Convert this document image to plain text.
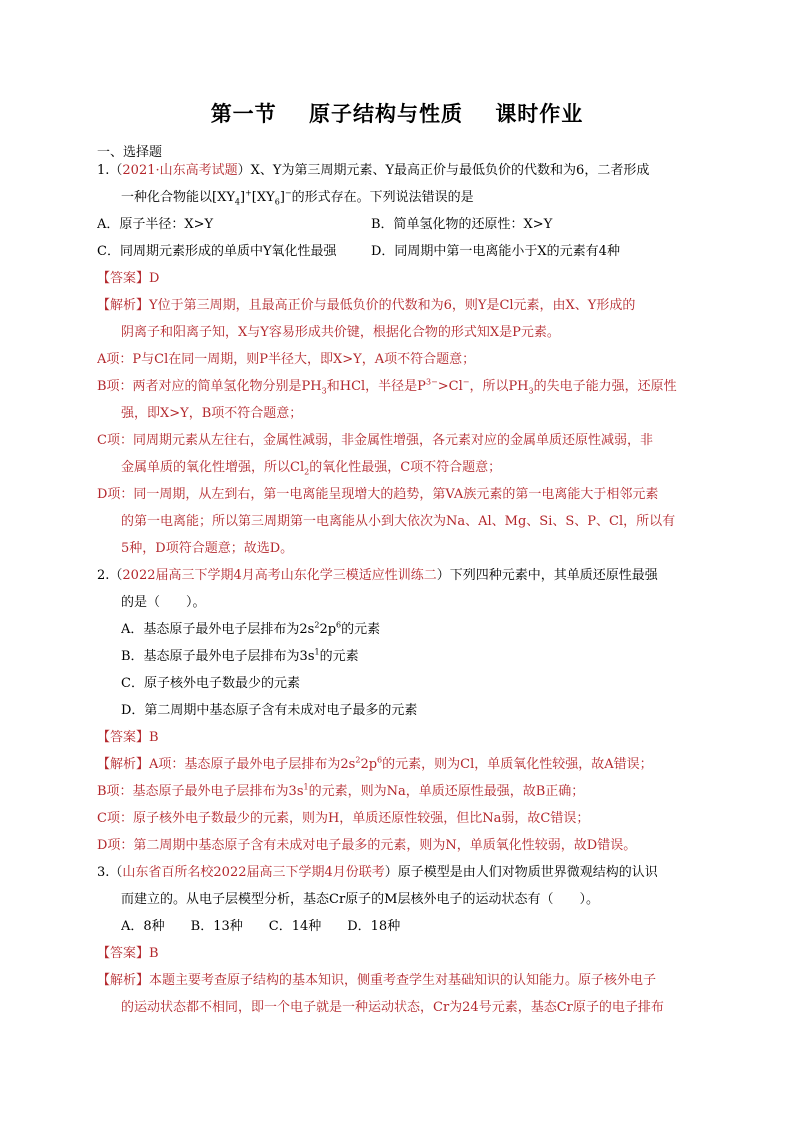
第一节 原子结构与性质 课时作业
一、选择题
1.（2021·山东高考试题）X、Y为第三周期元素、Y最高正价与最低负价的代数和为6，二者形成
一种化合物能以$[XY_4]^+[XY_6]^-$的形式存在。下列说法错误的是
A．原子半径：X>Y	B．简单氢化物的还原性：X>Y
C．同周期元素形成的单质中Y氧化性最强	D．同周期中第一电离能小于X的元素有4种
【答案】D
【解析】Y位于第三周期，且最高正价与最低负价的代数和为6，则Y是Cl元素，由X、Y形成的
阴离子和阳离子知，X与Y容易形成共价键，根据化合物的形式知X是P元素。
A项：P与Cl在同一周期，则P半径大，即X>Y，A项不符合题意；
B项：两者对应的简单氢化物分别是$PH_3$和HCl，半径是$P^{3-}>Cl^-$，所以$PH_3$的失电子能力强，还原性
强，即X>Y，B项不符合题意；
C项：同周期元素从左往右，金属性减弱，非金属性增强，各元素对应的金属单质还原性减弱，非
金属单质的氧化性增强，所以$Cl_2$的氧化性最强，C项不符合题意；
D项：同一周期，从左到右，第一电离能呈现增大的趋势，第VA族元素的第一电离能大于相邻元素
的第一电离能；所以第三周期第一电离能从小到大依次为Na、Al、Mg、Si、S、P、Cl，所以有
5种，D项符合题意；故选D。
2.（2022届高三下学期4月高考山东化学三模适应性训练二）下列四种元素中，其单质还原性最强
的是（　　）。
A．基态原子最外电子层排布为$2s^22p^6$的元素
B．基态原子最外电子层排布为$3s^1$的元素
C．原子核外电子数最少的元素
D．第二周期中基态原子含有未成对电子最多的元素
【答案】B
【解析】A项：基态原子最外电子层排布为$2s^22p^6$的元素，则为Cl，单质氧化性较强，故A错误；
B项：基态原子最外电子层排布为$3s^1$的元素，则为Na，单质还原性最强，故B正确；
C项：原子核外电子数最少的元素，则为H，单质还原性较强，但比Na弱，故C错误；
D项：第二周期中基态原子含有未成对电子最多的元素，则为N，单质氧化性较弱，故D错误。
3.（山东省百所名校2022届高三下学期4月份联考）原子模型是由人们对物质世界微观结构的认识
而建立的。从电子层模型分析，基态Cr原子的M层核外电子的运动状态有（　　）。
A．8种　　B．13种　　C．14种　　D．18种
【答案】B
【解析】本题主要考查原子结构的基本知识，侧重考查学生对基础知识的认知能力。原子核外电子
的运动状态都不相同，即一个电子就是一种运动状态，Cr为24号元素，基态Cr原子的电子排布
